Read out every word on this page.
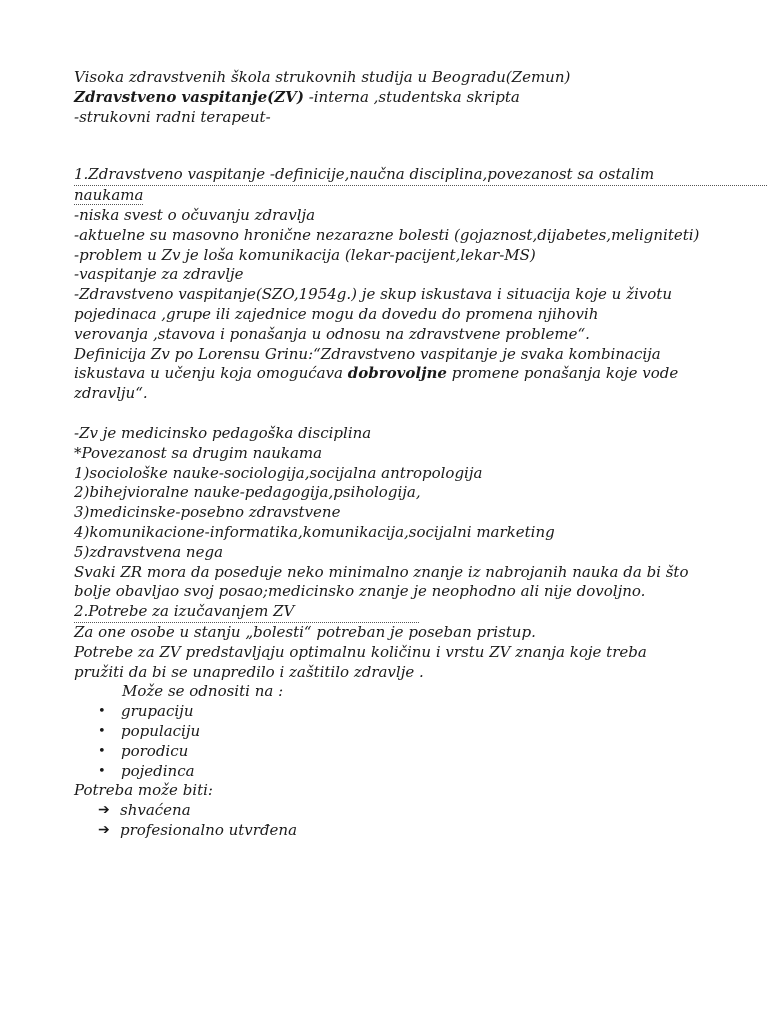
Visoka zdravstvenih škola strukovnih studija u Beogradu(Zemun)
Zdravstveno vaspitanje(ZV) -interna ,studentska skripta
-strukovni radni terapeut-
1.Zdravstveno vaspitanje -definicije,naučna disciplina,povezanost sa ostalim
naukama
-niska svest o očuvanju zdravlja
-aktuelne su masovno hronične nezarazne bolesti (gojaznost,dijabetes,meligniteti)
-problem u Zv je loša komunikacija (lekar-pacijent,lekar-MS)
-vaspitanje za zdravlje
-Zdravstveno vaspitanje(SZO,1954g.) je skup iskustava i situacija koje u životu
pojedinaca ,grupe ili zajednice mogu da dovedu do promena njihovih
verovanja ,stavova i ponašanja u odnosu na zdravstvene probleme“.
Definicija Zv po Lorensu Grinu:“Zdravstveno vaspitanje je svaka kombinacija
iskustava u učenju koja omogućava dobrovoljne promene ponašanja koje vode
zdravlju“.
-Zv je medicinsko pedagoška disciplina
*Povezanost sa drugim naukama
1)sociološke nauke-sociologija,socijalna antropologija
2)bihejvioralne nauke-pedagogija,psihologija,
3)medicinske-posebno zdravstvene
4)komunikacione-informatika,komunikacija,socijalni marketing
5)zdravstvena nega
Svaki ZR mora da poseduje neko minimalno znanje iz nabrojanih nauka da bi što
bolje obavljao svoj posao;medicinsko znanje je neophodno ali nije dovoljno.
2.Potrebe za izučavanjem ZV
Za one osobe u stanju „bolesti“ potreban je poseban pristup.
Potrebe za ZV predstavljaju optimalnu količinu i vrstu ZV znanja koje treba
pružiti da bi se unapredilo i zaštitilo zdravlje .
Može se odnositi na :
• grupaciju
• populaciju
• porodicu
• pojedinca
Potreba može biti:
➔ shvaćena
➔ profesionalno utvrđena
